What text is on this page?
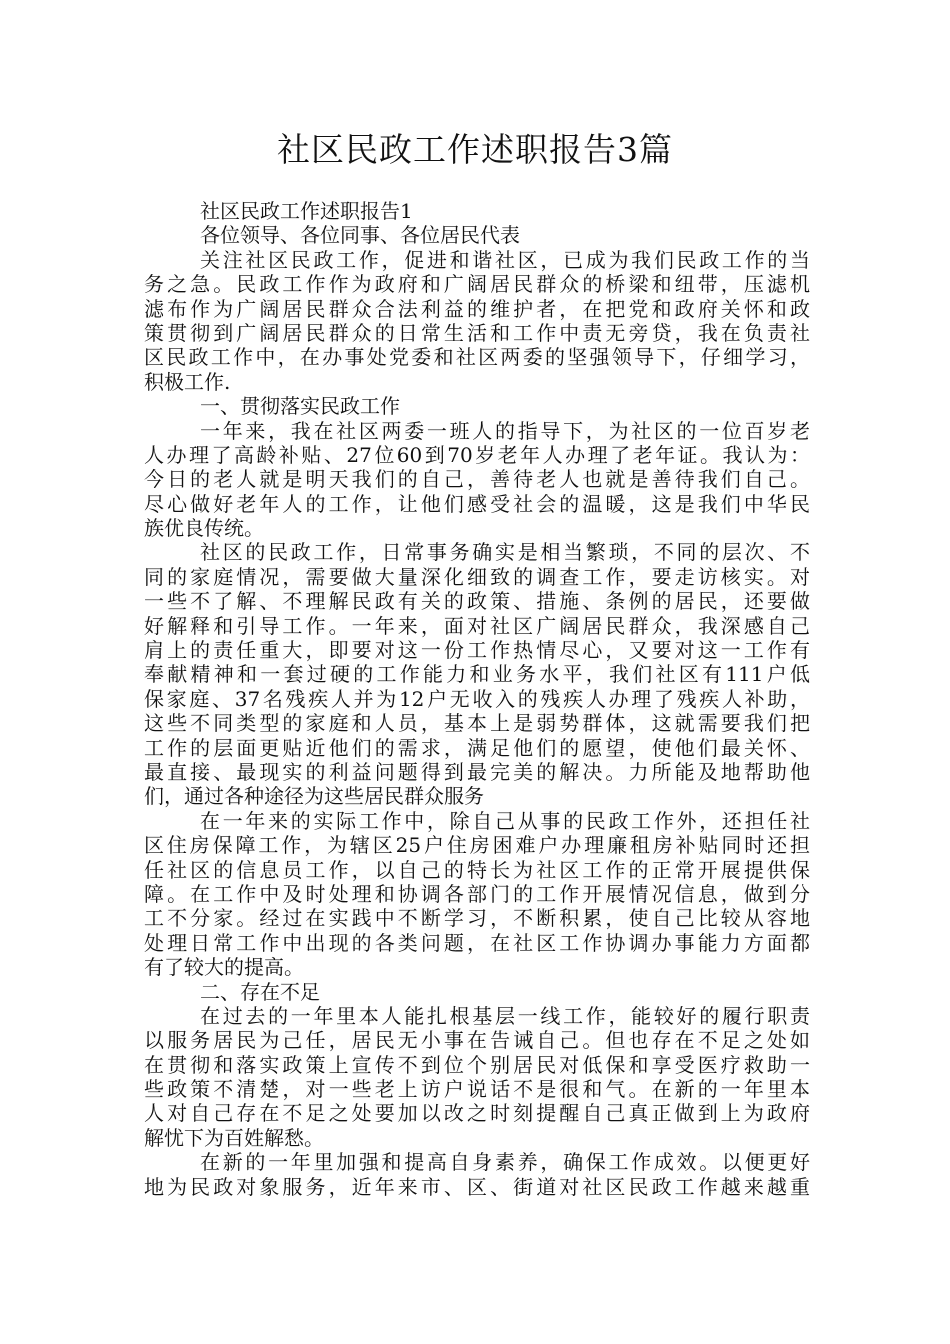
社区民政工作述职报告3篇
社区民政工作述职报告1
各位领导、各位同事、各位居民代表
关注社区民政工作，促进和谐社区，已成为我们民政工作的当
务之急。民政工作作为政府和广阔居民群众的桥梁和纽带，压滤机
滤布作为广阔居民群众合法利益的维护者，在把党和政府关怀和政
策贯彻到广阔居民群众的日常生活和工作中责无旁贷，我在负责社
区民政工作中，在办事处党委和社区两委的坚强领导下，仔细学习，
积极工作.
一、贯彻落实民政工作
一年来，我在社区两委一班人的指导下，为社区的一位百岁老
人办理了高龄补贴、27位60到70岁老年人办理了老年证。我认为：
今日的老人就是明天我们的自己，善待老人也就是善待我们自己。
尽心做好老年人的工作，让他们感受社会的温暖，这是我们中华民
族优良传统。
社区的民政工作，日常事务确实是相当繁琐，不同的层次、不
同的家庭情况，需要做大量深化细致的调查工作，要走访核实。对
一些不了解、不理解民政有关的政策、措施、条例的居民，还要做
好解释和引导工作。一年来，面对社区广阔居民群众，我深感自己
肩上的责任重大，即要对这一份工作热情尽心，又要对这一工作有
奉献精神和一套过硬的工作能力和业务水平，我们社区有111户低
保家庭、37名残疾人并为12户无收入的残疾人办理了残疾人补助，
这些不同类型的家庭和人员，基本上是弱势群体，这就需要我们把
工作的层面更贴近他们的需求，满足他们的愿望，使他们最关怀、
最直接、最现实的利益问题得到最完美的解决。力所能及地帮助他
们，通过各种途径为这些居民群众服务
在一年来的实际工作中，除自己从事的民政工作外，还担任社
区住房保障工作，为辖区25户住房困难户办理廉租房补贴同时还担
任社区的信息员工作，以自己的特长为社区工作的正常开展提供保
障。在工作中及时处理和协调各部门的工作开展情况信息，做到分
工不分家。经过在实践中不断学习，不断积累，使自己比较从容地
处理日常工作中出现的各类问题，在社区工作协调办事能力方面都
有了较大的提高。
二、存在不足
在过去的一年里本人能扎根基层一线工作，能较好的履行职责
以服务居民为己任，居民无小事在告诫自己。但也存在不足之处如
在贯彻和落实政策上宣传不到位个别居民对低保和享受医疗救助一
些政策不清楚，对一些老上访户说话不是很和气。在新的一年里本
人对自己存在不足之处要加以改之时刻提醒自己真正做到上为政府
解忧下为百姓解愁。
在新的一年里加强和提高自身素养，确保工作成效。以便更好
地为民政对象服务，近年来市、区、街道对社区民政工作越来越重
